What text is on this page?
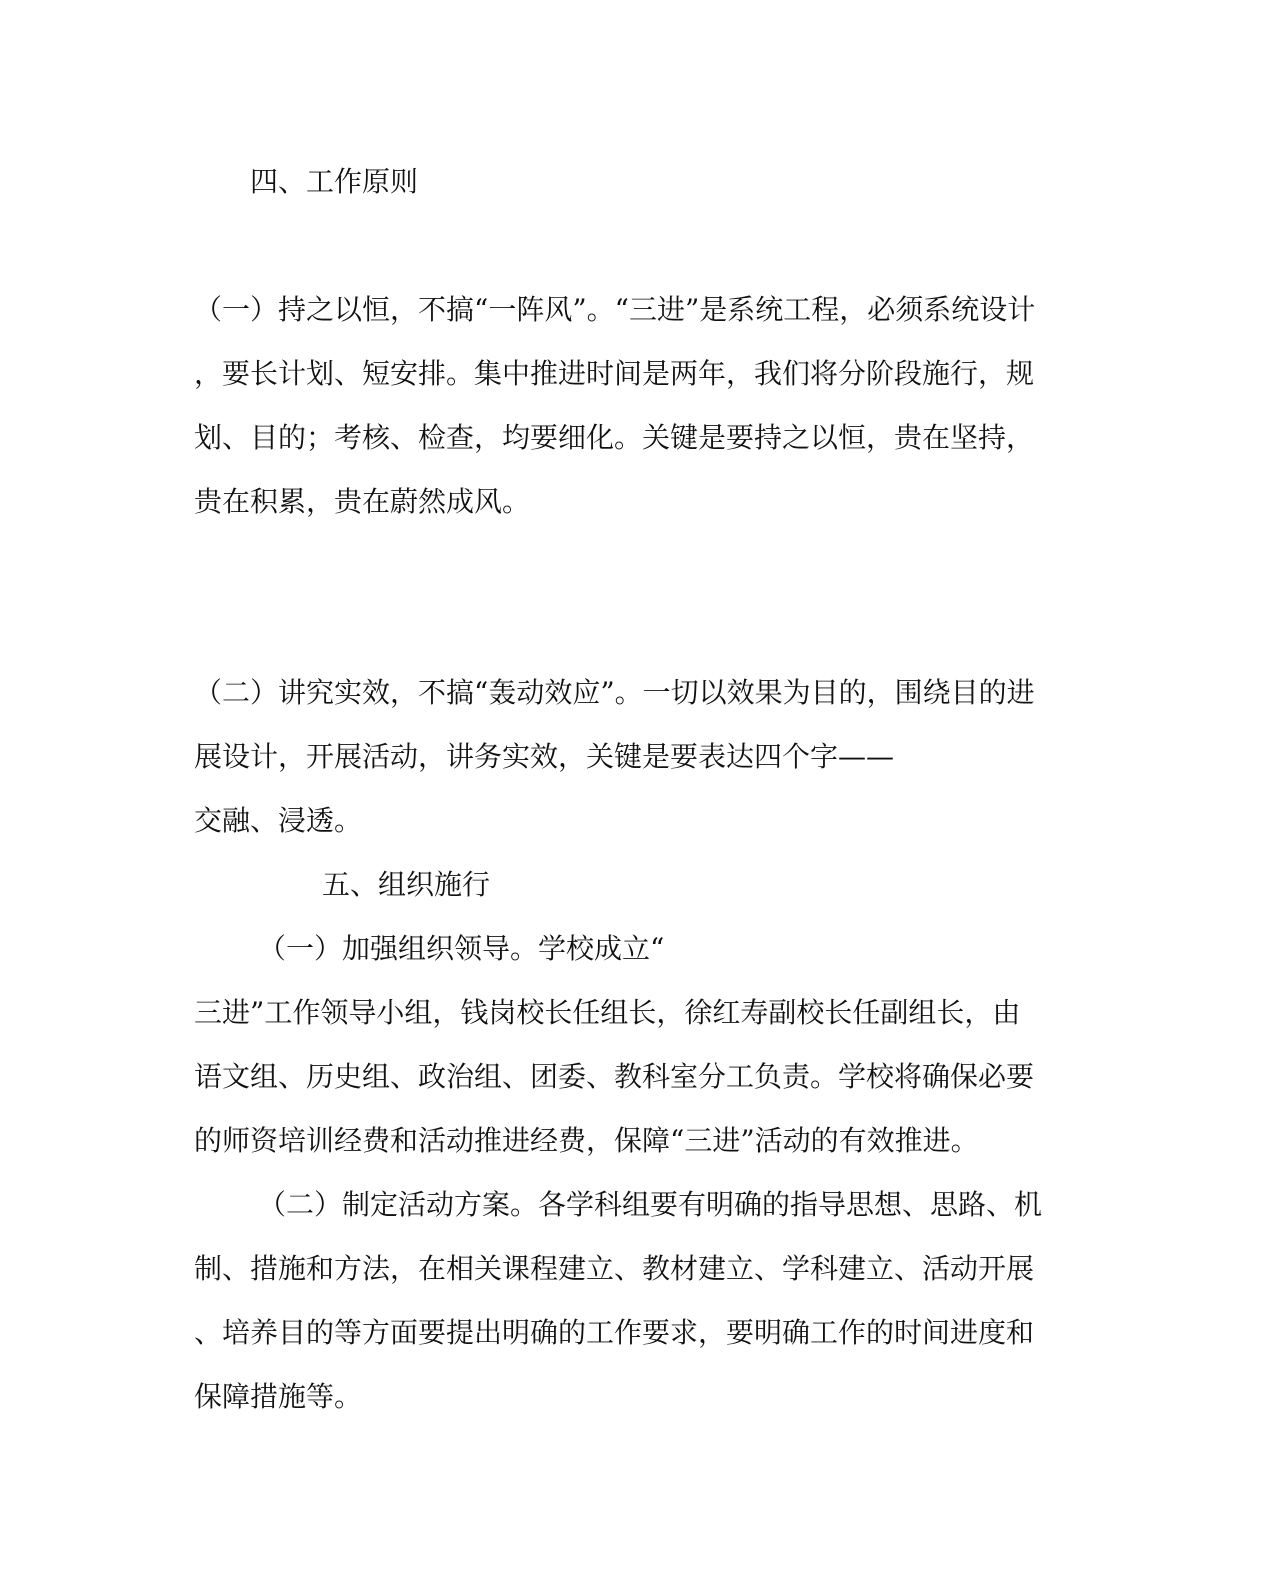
四、工作原则

（一）持之以恒，不搞“一阵风”。“三进”是系统工程，必须系统设计

，要长计划、短安排。集中推进时间是两年，我们将分阶段施行，规

划、目的；考核、检查，均要细化。关键是要持之以恒，贵在坚持，

贵在积累，贵在蔚然成风。

（二）讲究实效，不搞“轰动效应”。一切以效果为目的，围绕目的进

展设计，开展活动，讲务实效，关键是要表达四个字——

交融、浸透。

五、组织施行

（一）加强组织领导。学校成立“

三进”工作领导小组，钱岗校长任组长，徐红寿副校长任副组长，由

语文组、历史组、政治组、团委、教科室分工负责。学校将确保必要

的师资培训经费和活动推进经费，保障“三进”活动的有效推进。

（二）制定活动方案。各学科组要有明确的指导思想、思路、机

制、措施和方法，在相关课程建立、教材建立、学科建立、活动开展

、培养目的等方面要提出明确的工作要求，要明确工作的时间进度和

保障措施等。
